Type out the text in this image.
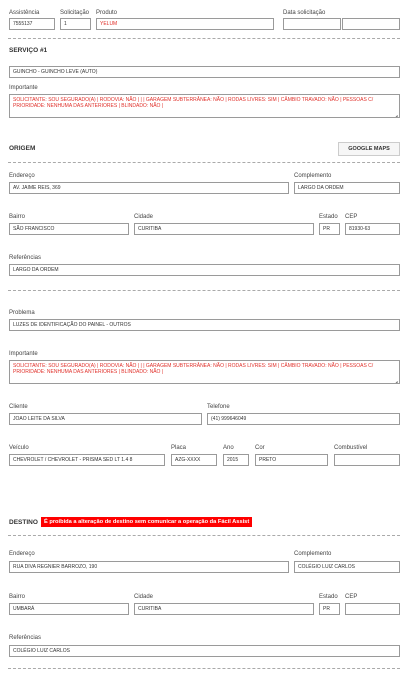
Assistência
7555137
Solicitação
1
Produto
YELUM
Data solicitação
SERVIÇO #1
GUINCHO - GUINCHO LEVE (AUTO)
Importante
SOLICITANTE: SOU SEGURADO(A) | RODOVIA: NÃO | | | GARAGEM SUBTERRÂNEA: NÃO | RODAS LIVRES: SIM | CÂMBIO TRAVADO: NÃO | PESSOAS C/ PRIORIDADE: NENHUMA DAS ANTERIORES | BLINDADO: NÃO |
ORIGEM	GOOGLE MAPS
Endereço
AV. JAIME REIS, 369
Complemento
LARGO DA ORDEM
Bairro
SÃO FRANCISCO
Cidade
CURITIBA
Estado
PR
CEP
81930-63
Referências
LARGO DA ORDEM
Problema
LUZES DE IDENTIFICAÇÃO DO PAINEL - OUTROS
Importante
SOLICITANTE: SOU SEGURADO(A) | RODOVIA: NÃO | | | GARAGEM SUBTERRÂNEA: NÃO | RODAS LIVRES: SIM | CÂMBIO TRAVADO: NÃO | PESSOAS C/ PRIORIDADE: NENHUMA DAS ANTERIORES | BLINDADO: NÃO |
Cliente
JOAO LEITE DA SILVA
Telefone
(41) 999646049
Veículo
CHEVROLET / CHEVROLET - PRISMA SED LT 1.4 8
Placa
AZG-XXXX
Ano
2015
Cor
PRETO
Combustível
DESTINO	É proibida a alteração de destino sem comunicar a operação da Fácil Assist
Endereço
RUA DIVA REGNIER BARROZO, 190
Complemento
COLÉGIO LUIZ CARLOS
Bairro
UMBARÁ
Cidade
CURITIBA
Estado
PR
CEP
Referências
COLÉGIO LUIZ CARLOS
